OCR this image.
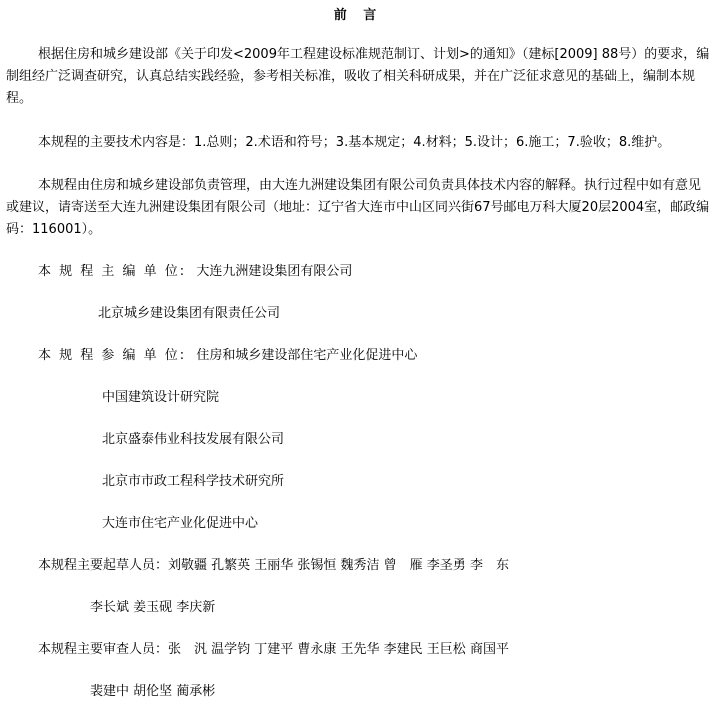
前 言

根据住房和城乡建设部《关于印发<2009年工程建设标准规范制订、计划>的通知》（建标[2009] 88号）的要求，编制组经广泛调查研究，认真总结实践经验，参考相关标准，吸收了相关科研成果，并在广泛征求意见的基础上，编制本规程。

本规程的主要技术内容是：1.总则；2.术语和符号；3.基本规定；4.材料；5.设计；6.施工；7.验收；8.维护。

本规程由住房和城乡建设部负责管理，由大连九洲建设集团有限公司负责具体技术内容的解释。执行过程中如有意见或建议，请寄送至大连九洲建设集团有限公司（地址：辽宁省大连市中山区同兴街67号邮电万科大厦20层2004室，邮政编码：116001）。

本 规 程 主 编 单 位: 大连九洲建设集团有限公司
北京城乡建设集团有限责任公司
本 规 程 参 编 单 位: 住房和城乡建设部住宅产业化促进中心
中国建筑设计研究院
北京盛泰伟业科技发展有限公司
北京市市政工程科学技术研究所
大连市住宅产业化促进中心
本规程主要起草人员：刘敬疆 孔繁英 王丽华 张锡恒 魏秀洁 曾　雁 李圣勇 李　东
李长斌 姜玉砚 李庆新
本规程主要审查人员：张　汎 温学钧 丁建平 曹永康 王先华 李建民 王巨松 商国平
裴建中 胡伦坚 蔺承彬
